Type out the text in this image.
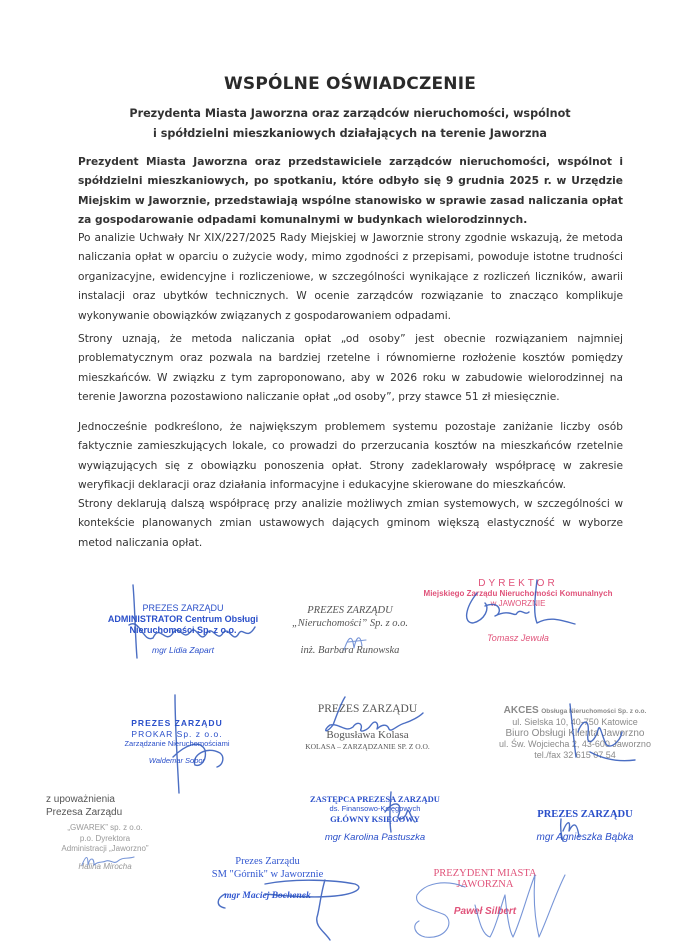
WSPÓLNE OŚWIADCZENIE
Prezydenta Miasta Jaworzna oraz zarządców nieruchomości, wspólnot
i spółdzielni mieszkaniowych działających na terenie Jaworzna
Prezydent Miasta Jaworzna oraz przedstawiciele zarządców nieruchomości, wspólnot i spółdzielni mieszkaniowych, po spotkaniu, które odbyło się 9 grudnia 2025 r. w Urzędzie Miejskim w Jaworznie, przedstawiają wspólne stanowisko w sprawie zasad naliczania opłat za gospodarowanie odpadami komunalnymi w budynkach wielorodzinnych.
Po analizie Uchwały Nr XIX/227/2025 Rady Miejskiej w Jaworznie strony zgodnie wskazują, że metoda naliczania opłat w oparciu o zużycie wody, mimo zgodności z przepisami, powoduje istotne trudności organizacyjne, ewidencyjne i rozliczeniowe, w szczególności wynikające z rozliczeń liczników, awarii instalacji oraz ubytków technicznych. W ocenie zarządców rozwiązanie to znacząco komplikuje wykonywanie obowiązków związanych z gospodarowaniem odpadami.
Strony uznają, że metoda naliczania opłat „od osoby” jest obecnie rozwiązaniem najmniej problematycznym oraz pozwala na bardziej rzetelne i równomierne rozłożenie kosztów pomiędzy mieszkańców. W związku z tym zaproponowano, aby w 2026 roku w zabudowie wielorodzinnej na terenie Jaworzna pozostawiono naliczanie opłat „od osoby”, przy stawce 51 zł miesięcznie.
Jednocześnie podkreślono, że największym problemem systemu pozostaje zaniżanie liczby osób faktycznie zamieszkujących lokale, co prowadzi do przerzucania kosztów na mieszkańców rzetelnie wywiązujących się z obowiązku ponoszenia opłat. Strony zadeklarowały współpracę w zakresie weryfikacji deklaracji oraz działania informacyjne i edukacyjne skierowane do mieszkańców.
Strony deklarują dalszą współpracę przy analizie możliwych zmian systemowych, w szczególności w kontekście planowanych zmian ustawowych dających gminom większą elastyczność w wyborze metod naliczania opłat.
PREZES ZARZĄDU
ADMINISTRATOR Centrum Obsługi
Nieruchomości Sp. z o.o.
mgr Lidia Zapart
PREZES ZARZĄDU
„Nieruchomości” Sp. z o.o.
inż. Barbara Runowska
DYREKTOR
Miejskiego Zarządu Nieruchomości Komunalnych
w JAWORZNIE
Tomasz Jewuła
PREZES ZARZĄDU
PROKAR Sp. z o.o.
Zarządzanie Nieruchomościami
Waldemar Sobor
PREZES ZARZĄDU
Bogusława Kolasa
KOLASA – ZARZĄDZANIE SP. Z O.O.
AKCES Obsługa Nieruchomości Sp. z o.o.
ul. Sielska 10, 40-750 Katowice
Biuro Obsługi Klienta Jaworzno
ul. Św. Wojciecha 2, 43-600 Jaworzno
tel./fax 32 615 07 54
z upoważnienia
Prezesa Zarządu
„GWAREK” sp. z o.o.
p.o. Dyrektora
Administracji „Jaworzno”
Halina Mirocha
ZASTĘPCA PREZESA ZARZĄDU
ds. Finansowo-Księgowych
GŁÓWNY KSIĘGOWY
mgr Karolina Pastuszka
PREZES ZARZĄDU
mgr Agnieszka Bąbka
Prezes Zarządu
SM "Górnik" w Jaworznie
mgr Maciej Bochenek
PREZYDENT MIASTA
JAWORZNA
Paweł Silbert
